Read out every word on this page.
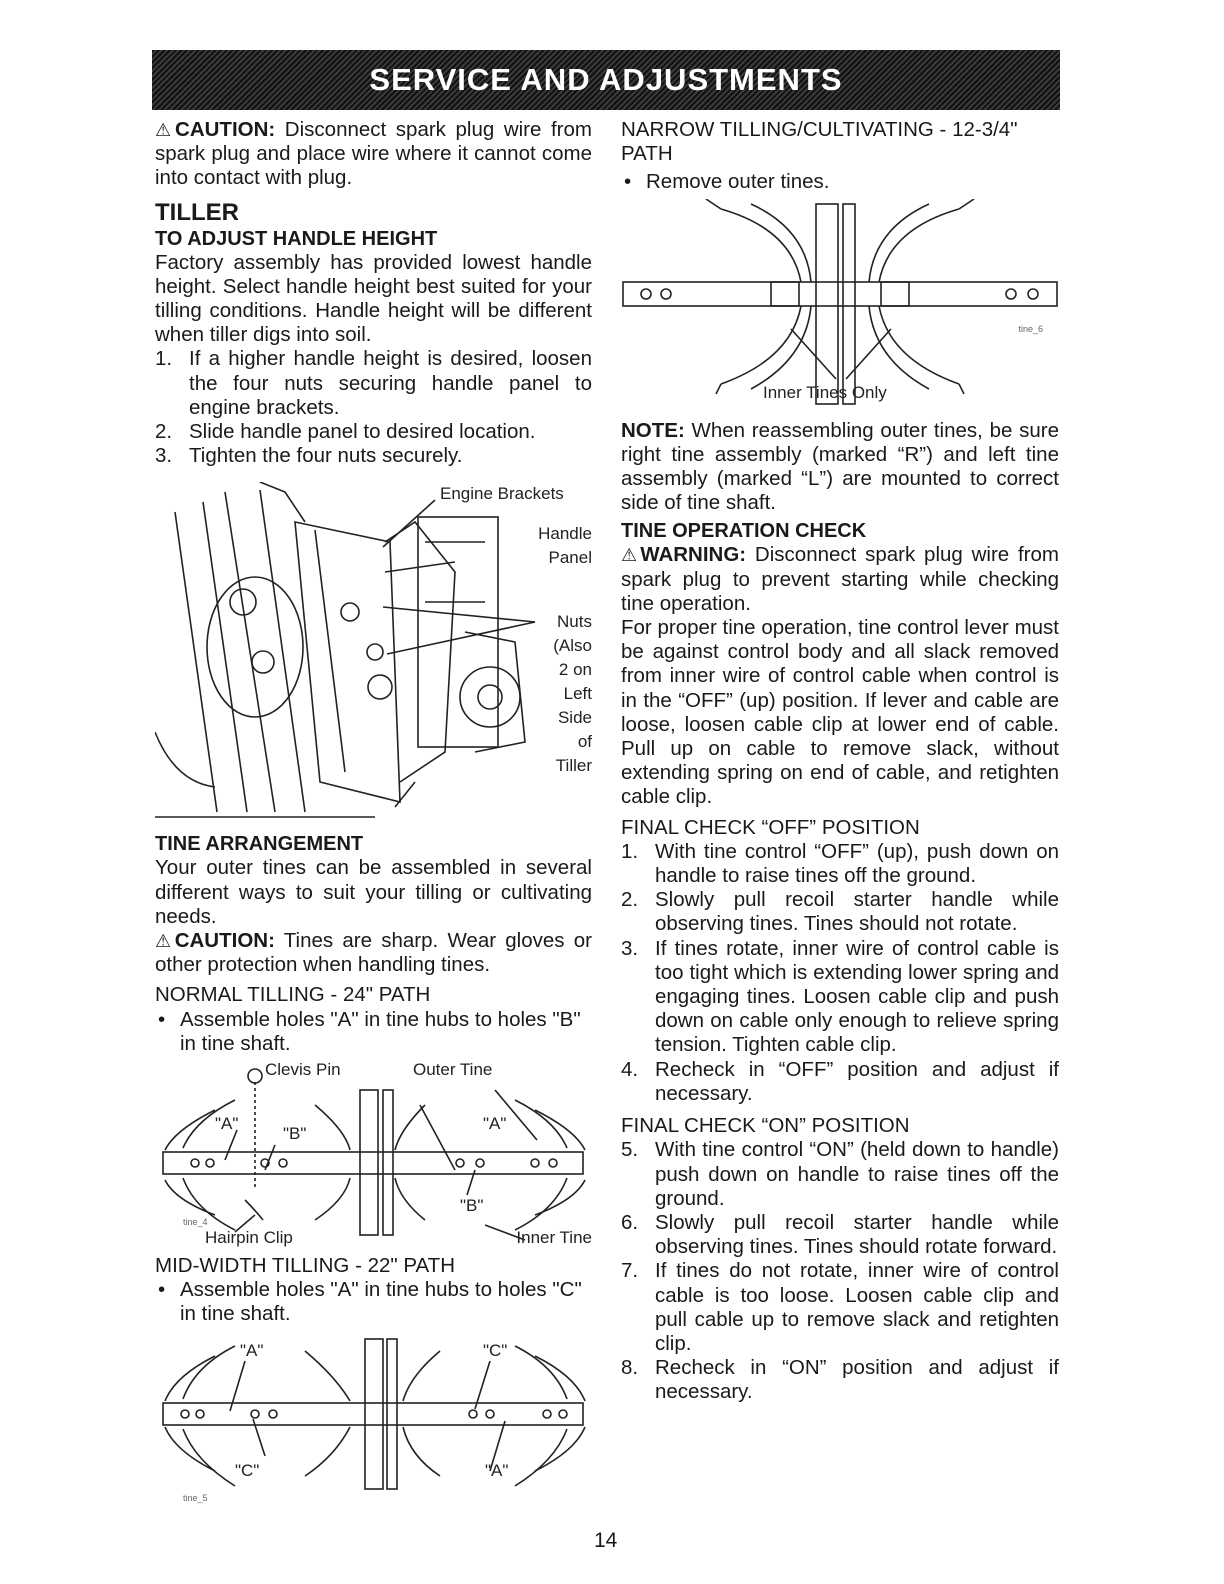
SERVICE AND ADJUSTMENTS

⚠CAUTION: Disconnect spark plug wire from spark plug and place wire where it cannot come into contact with plug.

TILLER
TO ADJUST HANDLE HEIGHT

Factory assembly has provided lowest handle height. Select handle height best suited for your tilling conditions. Handle height will be different when tiller digs into soil.

1. If a higher handle height is desired, loosen the four nuts securing handle panel to engine brackets.
2. Slide handle panel to desired location.
3. Tighten the four nuts securely.
Engine Brackets
Handle
Panel
Nuts
(Also
2 on
Left
Side
of
Tiller
TINE ARRANGEMENT

Your outer tines can be assembled in several different ways to suit your tilling or cultivating needs.

⚠CAUTION: Tines are sharp. Wear gloves or other protection when handling tines.

NORMAL TILLING - 24" PATH
• Assemble holes "A" in tine hubs to holes "B" in tine shaft.
Clevis Pin	Outer Tine
"A"
"B"
"A"
"B"
Hairpin Clip	Inner Tine
tine_4
MID-WIDTH TILLING - 22" PATH
• Assemble holes "A" in tine hubs to holes "C" in tine shaft.
"A"	"C"
"C"	"A"
tine_5
NARROW TILLING/CULTIVATING - 12-3/4" PATH
• Remove outer tines.
Inner Tines Only
tine_6

NOTE: When reassembling outer tines, be sure right tine assembly (marked “R”) and left tine assembly (marked “L”) are mounted to correct side of tine shaft.

TINE OPERATION CHECK

⚠WARNING: Disconnect spark plug wire from spark plug to prevent starting while checking tine operation.

For proper tine operation, tine control lever must be against control body and all slack removed from inner wire of control cable when control is in the “OFF” (up) position. If lever and cable are loose, loosen cable clip at lower end of cable. Pull up on cable to remove slack, without extending spring on end of cable, and retighten cable clip.

FINAL CHECK “OFF” POSITION
1. With tine control “OFF” (up), push down on handle to raise tines off the ground.
2. Slowly pull recoil starter handle while observing tines. Tines should not rotate.
3. If tines rotate, inner wire of control cable is too tight which is extending lower spring and engaging tines. Loosen cable clip and push down on cable only enough to relieve spring tension. Tighten cable clip.
4. Recheck in “OFF” position and adjust if necessary.
FINAL CHECK “ON” POSITION
5. With tine control “ON” (held down to handle) push down on handle to raise tines off the ground.
6. Slowly pull recoil starter handle while observing tines. Tines should rotate forward.
7. If tines do not rotate, inner wire of control cable is too loose. Loosen cable clip and pull cable up to remove slack and retighten clip.
8. Recheck in “ON” position and adjust if necessary.
14
